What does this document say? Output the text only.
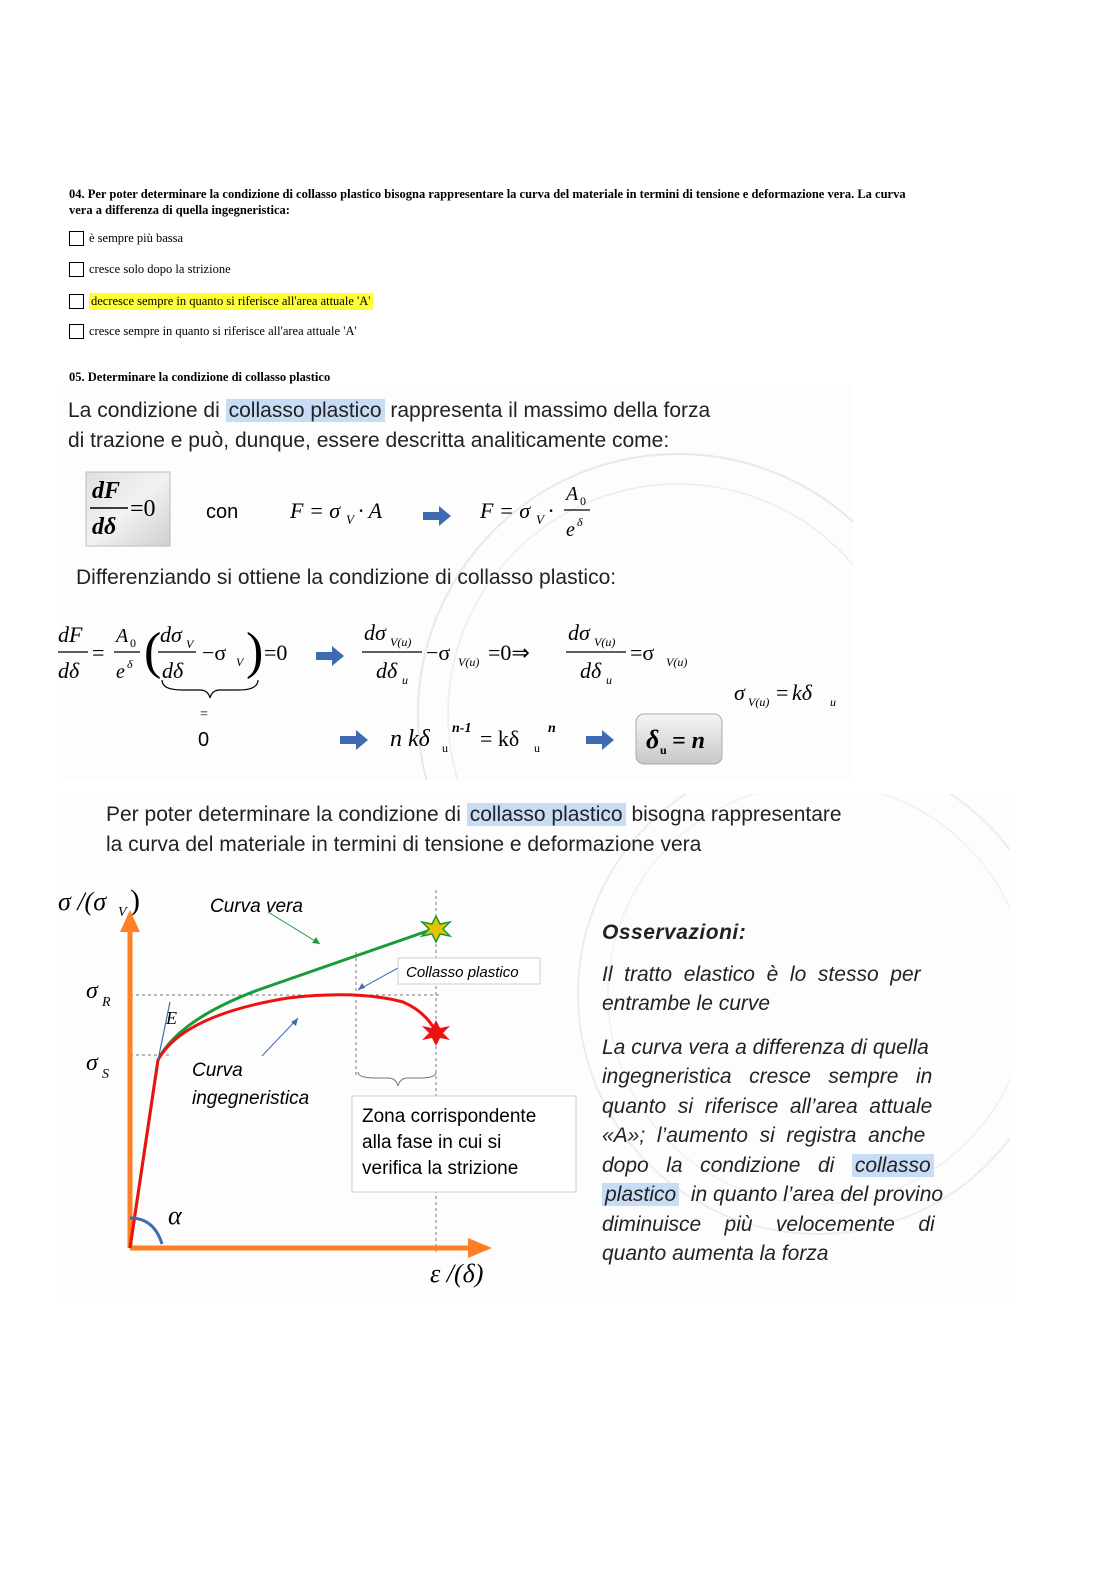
04. Per poter determinare la condizione di collasso plastico bisogna rappresentare la curva del materiale in termini di tensione e deformazione vera. La curva
vera a differenza di quella ingegneristica:
è sempre più bassa
cresce solo dopo la strizione
decresce sempre in quanto si riferisce all'area attuale 'A'
cresce sempre in quanto si riferisce all'area attuale 'A'
05. Determinare la condizione di collasso plastico
La condizione di collasso plastico rappresenta il massimo della forza
di trazione e può, dunque, essere descritta analiticamente come:
dF
dδ
=0	con F = σ V · A	F = σ V ·
A 0
e δ
Differenziando si ottiene la condizione di collasso plastico:
dF
dδ
=
A 0
e δ (
dσ V
dδ
−σ V ) =0
=
0
dσ V(u)
dδ u
−σ V(u) =0⇒
dσ V(u)
dδ u
=σ V(u)
σ V(u) = kδ u
n kδ u
n-1 = kδ u
n	δ u = n
Per poter determinare la condizione di collasso plastico bisogna rappresentare
la curva del materiale in termini di tensione e deformazione vera
σ /(σ V )
ε /(δ)
σ R
σ S
E
α
Curva vera
Collasso plastico
Curva
ingegneristica
Zona corrispondente
alla fase in cui si
verifica la strizione
Osservazioni:
Il  tratto  elastico  è  lo  stesso  per
entrambe le curve
La curva vera a differenza di quella
ingegneristica   cresce   sempre   in
quanto  si  riferisce  all’area  attuale
«A»;  l’aumento  si  registra  anche
dopo   la   condizione   di   collasso
plastico  in quanto l’area del provino
diminuisce    più    velocemente    di
quanto aumenta la forza
